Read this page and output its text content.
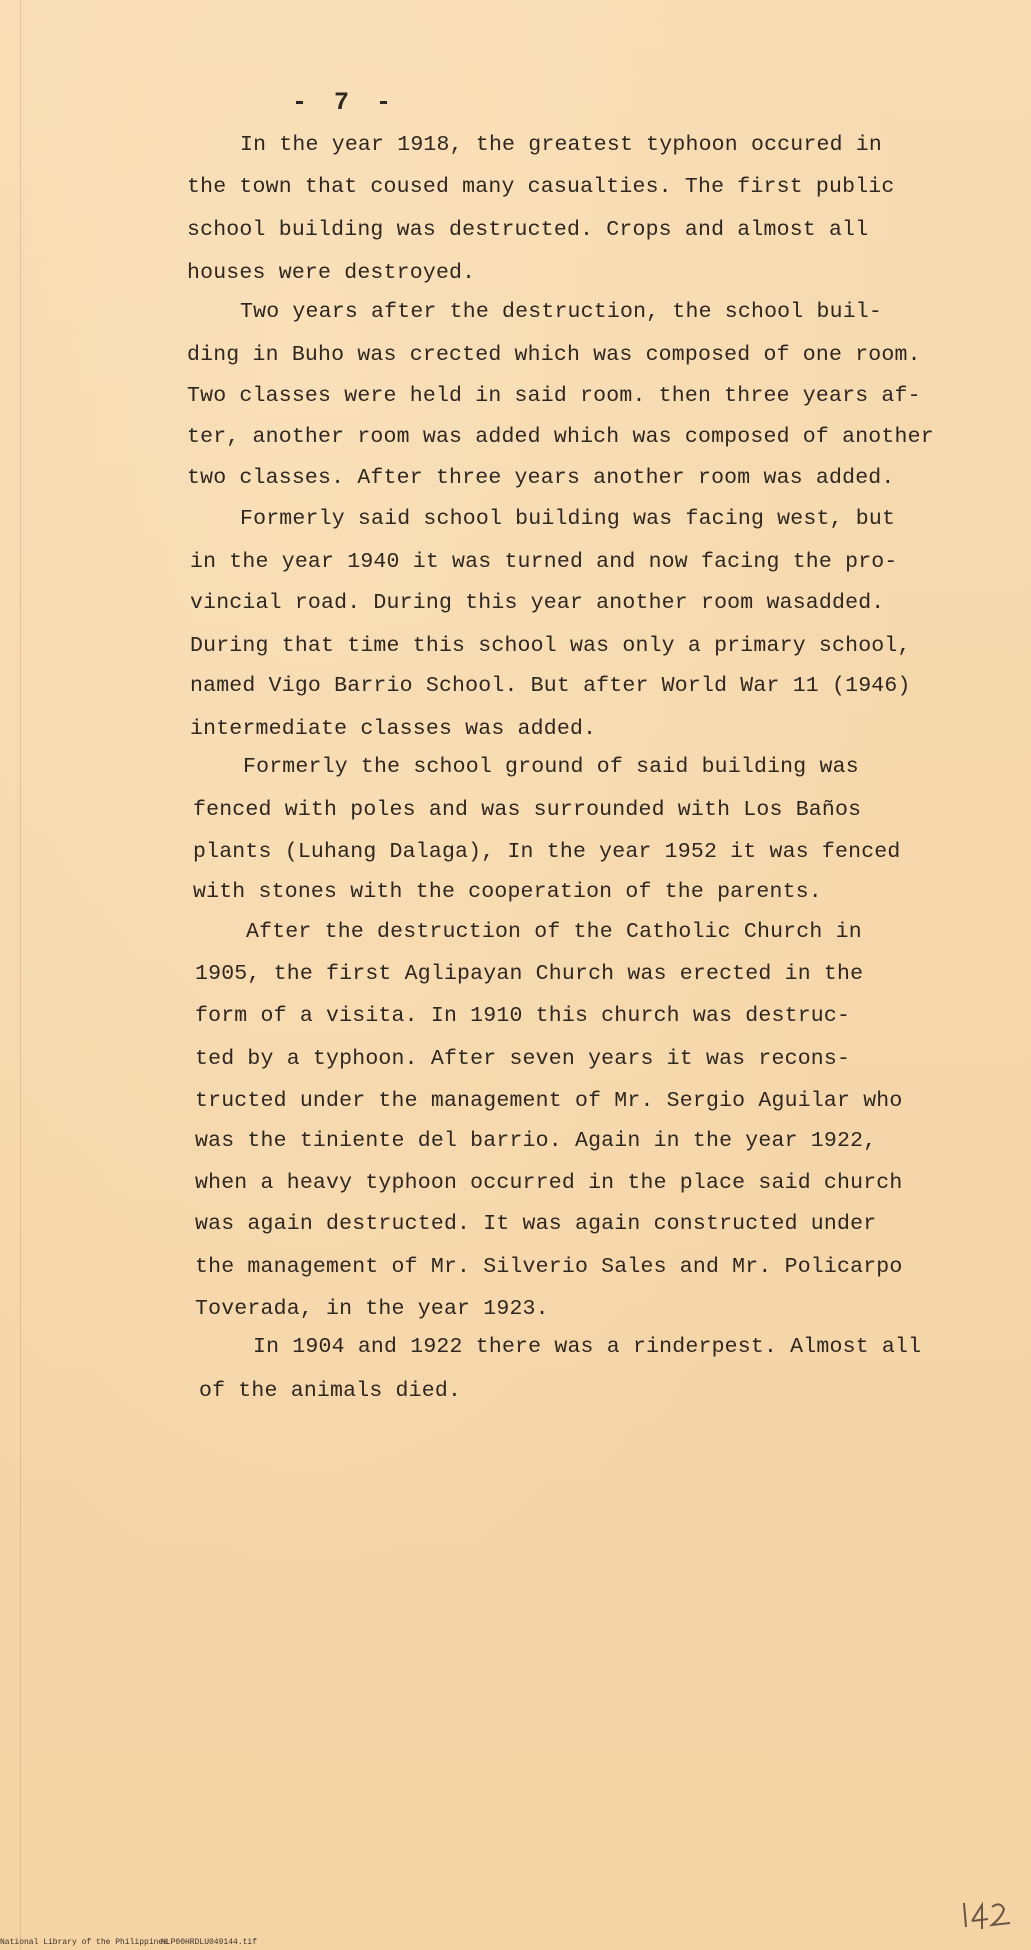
- 7 -
In the year 1918, the greatest typhoon occured in
the town that coused many casualties. The first public
school building was destructed. Crops and almost all
houses were destroyed.
Two years after the destruction, the school buil-
ding in Buho was crected which was composed of one room.
Two classes were held in said room. then three years af-
ter, another room was added which was composed of another
two classes. After three years another room was added.
Formerly said school building was facing west, but
in the year 1940 it was turned and now facing the pro-
vincial road. During this year another room wasadded.
During that time this school was only a primary school,
named Vigo Barrio School. But after World War 11 (1946)
intermediate classes was added.
Formerly the school ground of said building was
fenced with poles and was surrounded with Los Baños
plants (Luhang Dalaga), In the year 1952 it was fenced
with stones with the cooperation of the parents.
After the destruction of the Catholic Church in
1905, the first Aglipayan Church was erected in the
form of a visita. In 1910 this church was destruc-
ted by a typhoon. After seven years it was recons-
tructed under the management of Mr. Sergio Aguilar who
was the tiniente del barrio. Again in the year 1922,
when a heavy typhoon occurred in the place said church
was again destructed. It was again constructed under
the management of Mr. Silverio Sales and Mr. Policarpo
Toverada, in the year 1923.
In 1904 and 1922 there was a rinderpest. Almost all
of the animals died.
National Library of the Philippines
NLP00HRDLU049144.tif
